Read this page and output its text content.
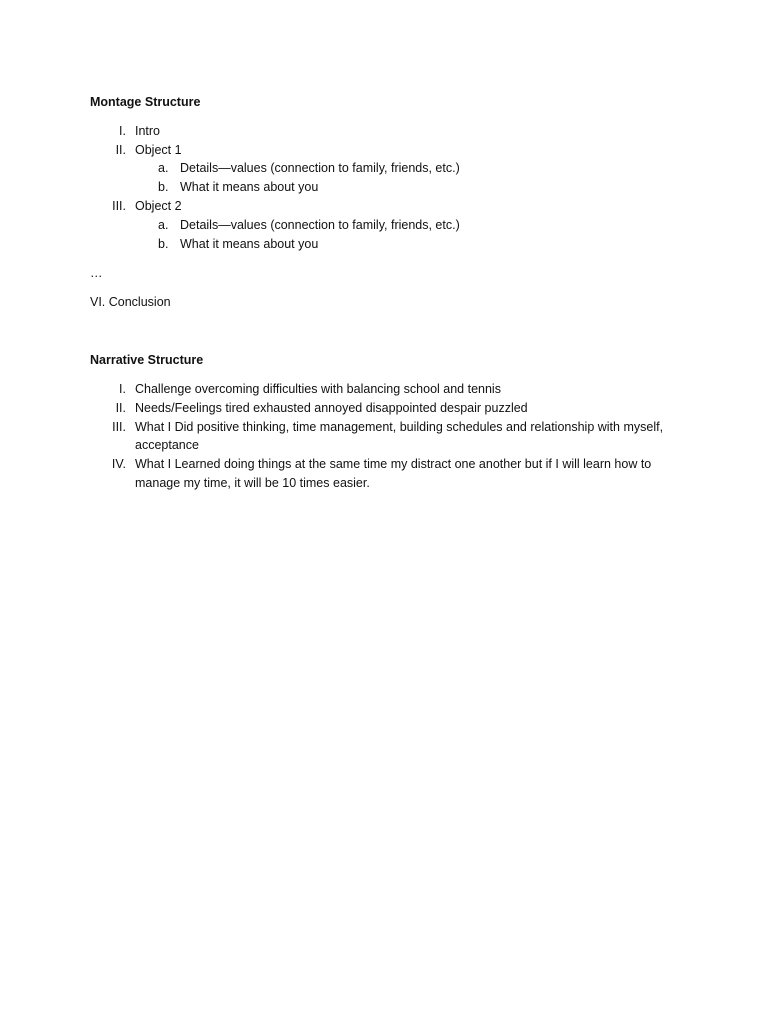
Montage Structure
I. Intro
II. Object 1
a. Details—values (connection to family, friends, etc.)
b. What it means about you
III. Object 2
a. Details—values (connection to family, friends, etc.)
b. What it means about you
…
VI. Conclusion
Narrative Structure
I. Challenge overcoming difficulties with balancing school and tennis
II. Needs/Feelings tired exhausted annoyed disappointed despair puzzled
III. What I Did positive thinking, time management, building schedules and relationship with myself,
acceptance
IV. What I Learned doing things at the same time my distract one another but if I will learn how to
manage my time, it will be 10 times easier.
